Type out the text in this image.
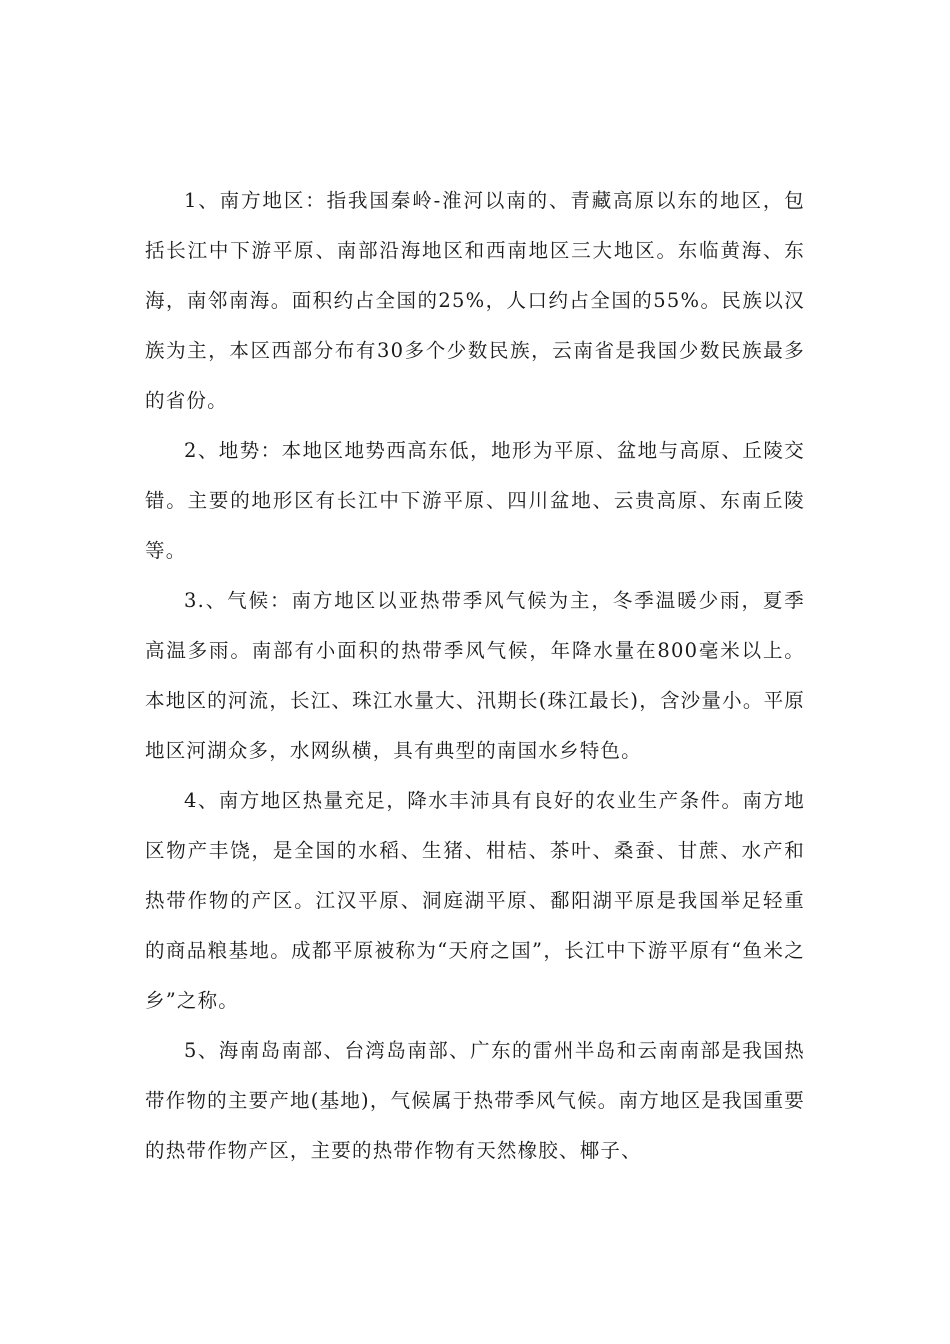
1、南方地区：指我国秦岭-淮河以南的、青藏高原以东的地区，包括长江中下游平原、南部沿海地区和西南地区三大地区。东临黄海、东海，南邻南海。面积约占全国的25%，人口约占全国的55%。民族以汉族为主，本区西部分布有30多个少数民族，云南省是我国少数民族最多的省份。

2、地势：本地区地势西高东低，地形为平原、盆地与高原、丘陵交错。主要的地形区有长江中下游平原、四川盆地、云贵高原、东南丘陵等。

3.、气候：南方地区以亚热带季风气候为主，冬季温暖少雨，夏季高温多雨。南部有小面积的热带季风气候，年降水量在800毫米以上。本地区的河流，长江、珠江水量大、汛期长(珠江最长)，含沙量小。平原地区河湖众多，水网纵横，具有典型的南国水乡特色。

4、南方地区热量充足，降水丰沛具有良好的农业生产条件。南方地区物产丰饶，是全国的水稻、生猪、柑桔、茶叶、桑蚕、甘蔗、水产和热带作物的产区。江汉平原、洞庭湖平原、鄱阳湖平原是我国举足轻重的商品粮基地。成都平原被称为“天府之国”，长江中下游平原有“鱼米之乡”之称。

5、海南岛南部、台湾岛南部、广东的雷州半岛和云南南部是我国热带作物的主要产地(基地)，气候属于热带季风气候。南方地区是我国重要的热带作物产区，主要的热带作物有天然橡胶、椰子、
